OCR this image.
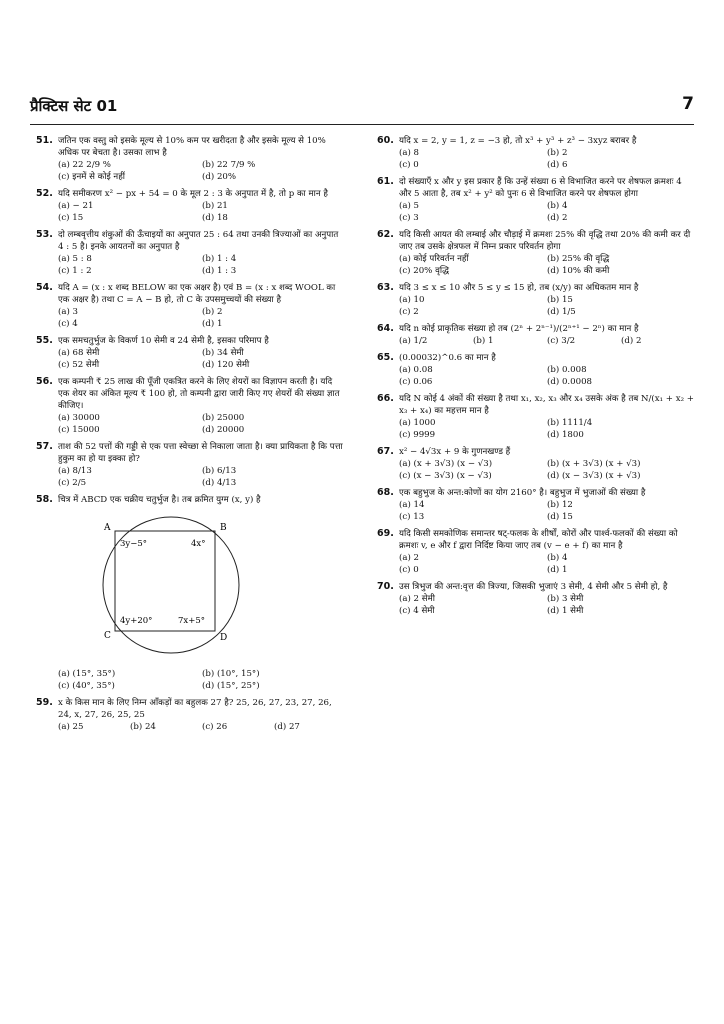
प्रैक्टिस सेट 01	7
51. जतिन एक वस्तु को इसके मूल्य से 10% कम पर खरीदता है और इसके मूल्य से 10% अधिक पर बेचता है। उसका लाभ है
(a) 22 2/9 %	(b) 22 7/9 %
(c) इनमें से कोई नहीं	(d) 20%
52. यदि समीकरण x² − px + 54 = 0 के मूल 2 : 3 के अनुपात में है, तो p का मान है
(a) − 21	(b) 21
(c) 15	(d) 18
53. दो लम्बवृत्तीय शंकुओं की ऊँचाइयों का अनुपात 25 : 64 तथा उनकी त्रिज्याओं का अनुपात 4 : 5 है। इनके आयतनों का अनुपात है
(a) 5 : 8	(b) 1 : 4
(c) 1 : 2	(d) 1 : 3
54. यदि A = (x : x शब्द BELOW का एक अक्षर है) एवं B = (x : x शब्द WOOL का एक अक्षर है) तथा C = A − B हो, तो C के उपसमुच्चयों की संख्या है
(a) 3	(b) 2
(c) 4	(d) 1
55. एक समचतुर्भुज के विकर्ण 10 सेमी व 24 सेमी है, इसका परिमाप है
(a) 68 सेमी	(b) 34 सेमी
(c) 52 सेमी	(d) 120 सेमी
56. एक कम्पनी ₹ 25 लाख की पूँजी एकत्रित करने के लिए शेयरों का विज्ञापन करती है। यदि एक शेयर का अंकित मूल्य ₹ 100 हो, तो कम्पनी द्वारा जारी किए गए शेयरों की संख्या ज्ञात कीजिए।
(a) 30000	(b) 25000
(c) 15000	(d) 20000
57. ताश की 52 पत्तों की गड्डी से एक पत्ता स्वेच्छा से निकाला जाता है। क्या प्रायिकता है कि पत्ता हुकुम का हो या इक्का हो?
(a) 8/13	(b) 6/13
(c) 2/5	(d) 4/13
58. चित्र में ABCD एक चक्रीय चतुर्भुज है। तब क्रमित युग्म (x, y) है
A	B
C	D
3y−5°	4x°
4y+20°	7x+5°
(a) (15°, 35°)	(b) (10°, 15°)
(c) (40°, 35°)	(d) (15°, 25°)
59. x के किस मान के लिए निम्न आँकड़ों का बहुलक 27 है? 25, 26, 27, 23, 27, 26, 24, x, 27, 26, 25, 25
(a) 25	(b) 24	(c) 26	(d) 27
60. यदि x = 2, y = 1, z = −3 हो, तो x³ + y³ + z³ − 3xyz बराबर है
(a) 8	(b) 2
(c) 0	(d) 6
61. दो संख्याएँ x और y इस प्रकार हैं कि उन्हें संख्या 6 से विभाजित करने पर शेषफल क्रमशः 4 और 5 आता है, तब x² + y² को पुनः 6 से विभाजित करने पर शेषफल होगा
(a) 5	(b) 4
(c) 3	(d) 2
62. यदि किसी आयत की लम्बाई और चौड़ाई में क्रमशः 25% की वृद्धि तथा 20% की कमी कर दी जाए तब उसके क्षेत्रफल में निम्न प्रकार परिवर्तन होगा
(a) कोई परिवर्तन नहीं	(b) 25% की वृद्धि
(c) 20% वृद्धि	(d) 10% की कमी
63. यदि 3 ≤ x ≤ 10 और 5 ≤ y ≤ 15 हो, तब (x/y) का अधिकतम मान है
(a) 10	(b) 15
(c) 2	(d) 1/5
64. यदि n कोई प्राकृतिक संख्या हो तब (2ⁿ + 2ⁿ⁻¹)/(2ⁿ⁺¹ − 2ⁿ) का मान है
(a) 1/2	(b) 1	(c) 3/2	(d) 2
65. (0.00032)^0.6 का मान है
(a) 0.08	(b) 0.008
(c) 0.06	(d) 0.0008
66. यदि N कोई 4 अंकों की संख्या है तथा x₁, x₂, x₃ और x₄ उसके अंक है तब N/(x₁ + x₂ + x₃ + x₄) का महत्तम मान है
(a) 1000	(b) 1111/4
(c) 9999	(d) 1800
67. x² − 4√3x + 9 के गुणनखण्ड हैं
(a) (x + 3√3) (x − √3)	(b) (x + 3√3) (x + √3)
(c) (x − 3√3) (x − √3)	(d) (x − 3√3) (x + √3)
68. एक बहुभुज के अन्त:कोणों का योग 2160° है। बहुभुज में भुजाओं की संख्या है
(a) 14	(b) 12
(c) 13	(d) 15
69. यदि किसी समकोणिक समान्तर षट्-फलक के शीर्षों, कोरों और पार्श्व-फलकों की संख्या को क्रमशः v, e और f द्वारा निर्दिष्ट किया जाए तब (v − e + f) का मान है
(a) 2	(b) 4
(c) 0	(d) 1
70. उस त्रिभुज की अन्त:वृत्त की त्रिज्या, जिसकी भुजाएं 3 सेमी, 4 सेमी और 5 सेमी हो, है
(a) 2 सेमी	(b) 3 सेमी
(c) 4 सेमी	(d) 1 सेमी
